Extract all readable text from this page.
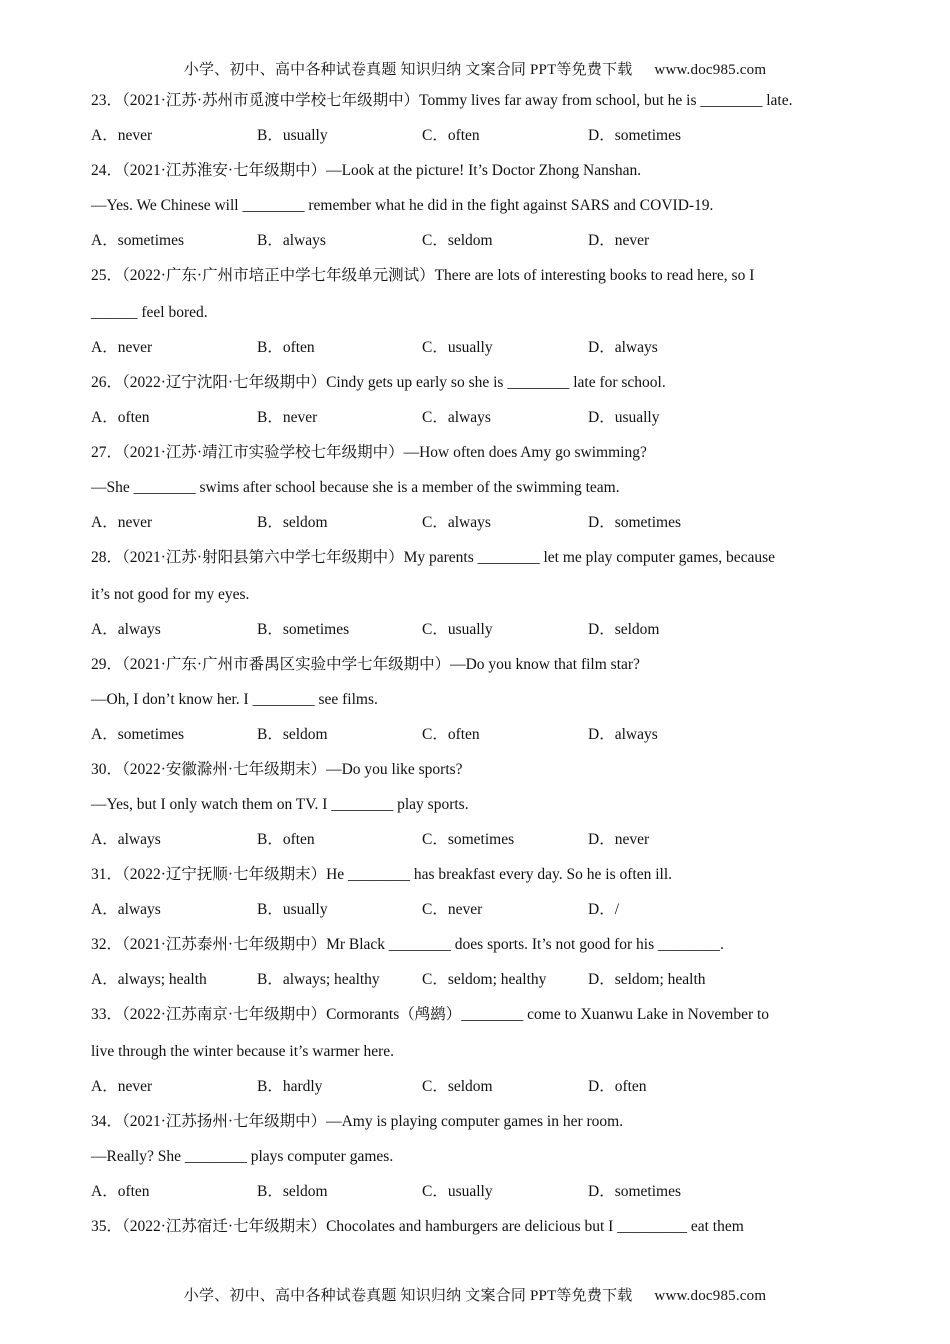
小学、初中、高中各种试卷真题 知识归纳 文案合同 PPT等免费下载 www.doc985.com
23．（2021·江苏·苏州市觅渡中学校七年级期中）Tommy lives far away from school, but he is ________ late.
A．never	B．usually	C．often	D．sometimes
24．（2021·江苏淮安·七年级期中）—Look at the picture! It’s Doctor Zhong Nanshan.
—Yes. We Chinese will ________ remember what he did in the fight against SARS and COVID-19.
A．sometimes	B．always	C．seldom	D．never
25．（2022·广东·广州市培正中学七年级单元测试）There are lots of interesting books to read here, so I
______ feel bored.
A．never	B．often	C．usually	D．always
26．（2022·辽宁沈阳·七年级期中）Cindy gets up early so she is ________ late for school.
A．often	B．never	C．always	D．usually
27．（2021·江苏·靖江市实验学校七年级期中）—How often does Amy go swimming?
—She ________ swims after school because she is a member of the swimming team.
A．never	B．seldom	C．always	D．sometimes
28．（2021·江苏·射阳县第六中学七年级期中）My parents ________ let me play computer games, because
it’s not good for my eyes.
A．always	B．sometimes	C．usually	D．seldom
29．（2021·广东·广州市番禺区实验中学七年级期中）—Do you know that film star?
—Oh, I don’t know her. I ________ see films.
A．sometimes	B．seldom	C．often	D．always
30．（2022·安徽滁州·七年级期末）—Do you like sports?
—Yes, but I only watch them on TV. I ________ play sports.
A．always	B．often	C．sometimes	D．never
31．（2022·辽宁抚顺·七年级期末）He ________ has breakfast every day. So he is often ill.
A．always	B．usually	C．never	D．/
32．（2021·江苏泰州·七年级期中）Mr Black ________ does sports. It’s not good for his ________.
A．always; health	B．always; healthy	C．seldom; healthy	D．seldom; health
33．（2022·江苏南京·七年级期中）Cormorants（鸬鹚）________ come to Xuanwu Lake in November to
live through the winter because it’s warmer here.
A．never	B．hardly	C．seldom	D．often
34．（2021·江苏扬州·七年级期中）—Amy is playing computer games in her room.
—Really? She ________ plays computer games.
A．often	B．seldom	C．usually	D．sometimes
35．（2022·江苏宿迁·七年级期末）Chocolates and hamburgers are delicious but I _________ eat them
小学、初中、高中各种试卷真题 知识归纳 文案合同 PPT等免费下载 www.doc985.com
